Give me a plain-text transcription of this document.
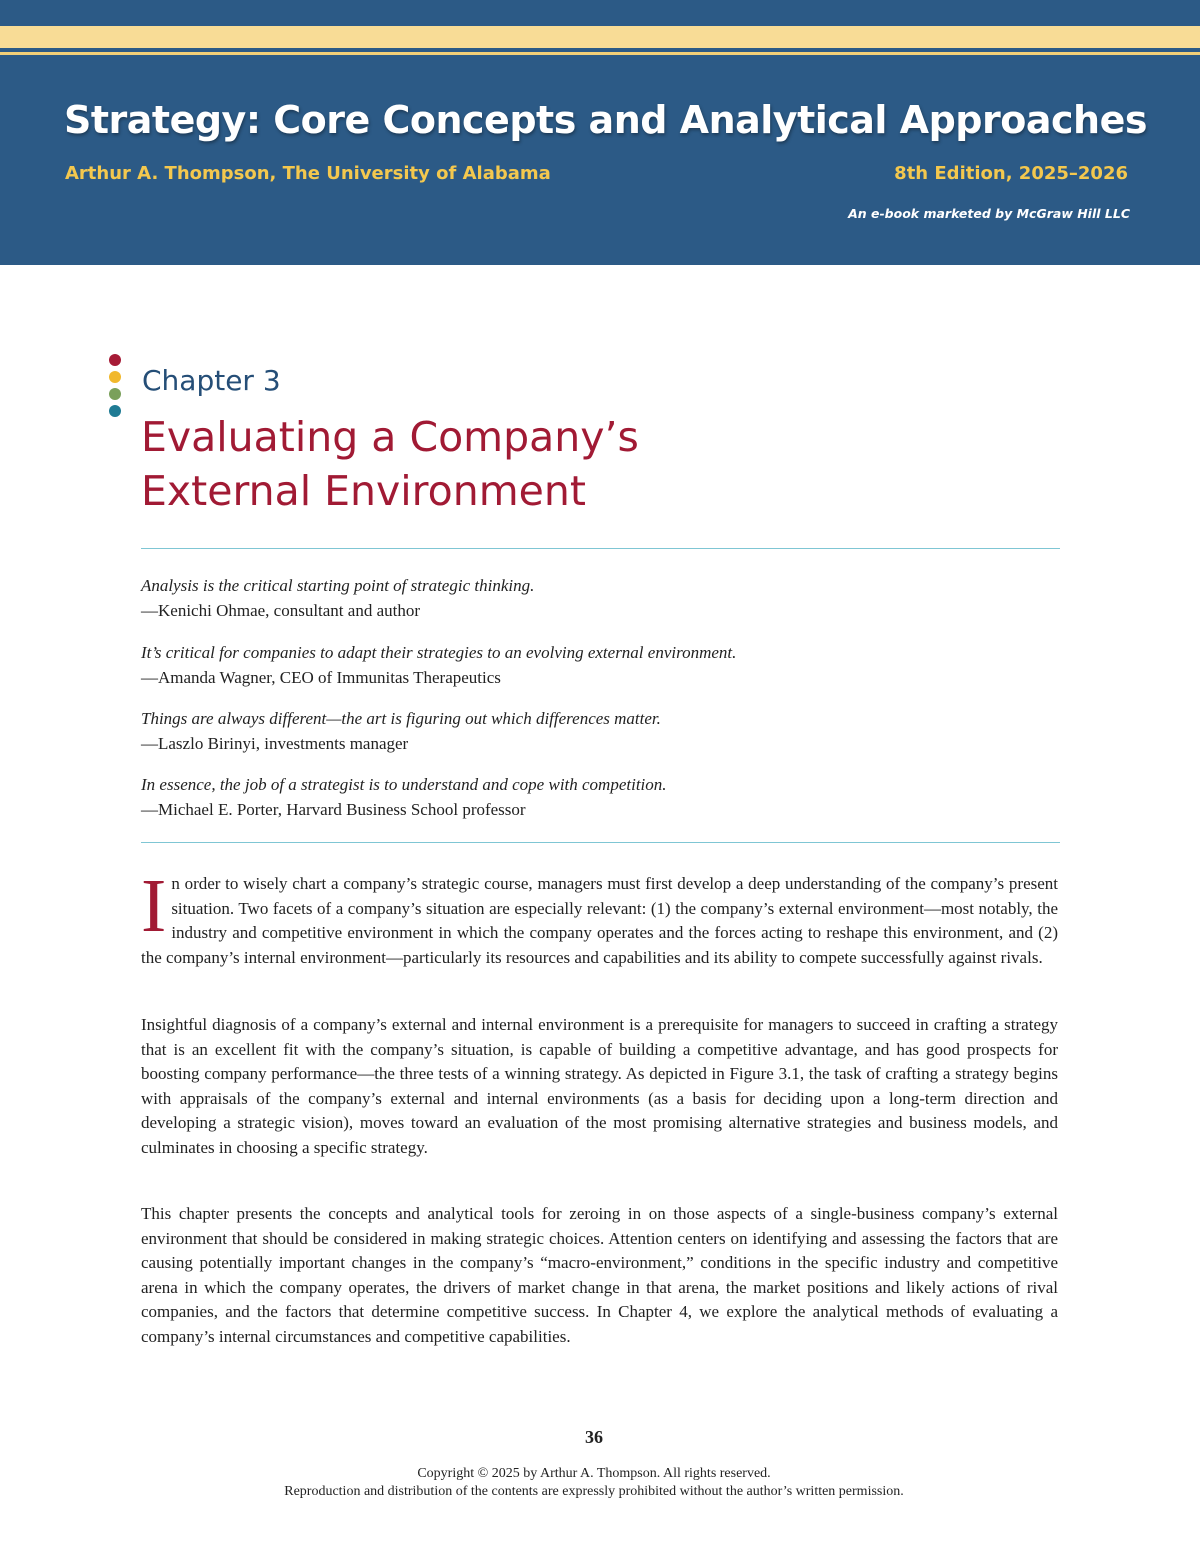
Strategy: Core Concepts and Analytical Approaches
Arthur A. Thompson, The University of Alabama	8th Edition, 2025–2026
An e-book marketed by McGraw Hill LLC
Chapter 3
Evaluating a Company’s
External Environment
Analysis is the critical starting point of strategic thinking.
—Kenichi Ohmae, consultant and author
It’s critical for companies to adapt their strategies to an evolving external environment.
—Amanda Wagner, CEO of Immunitas Therapeutics
Things are always different—the art is figuring out which differences matter.
—Laszlo Birinyi, investments manager
In essence, the job of a strategist is to understand and cope with competition.
—Michael E. Porter, Harvard Business School professor

In order to wisely chart a company’s strategic course, managers must first develop a deep understanding of the company’s present situation. Two facets of a company’s situation are especially relevant: (1) the company’s external environment—most notably, the industry and competitive environment in which the company operates and the forces acting to reshape this environment, and (2) the company’s internal environment—particularly its resources and capabilities and its ability to compete successfully against rivals.

Insightful diagnosis of a company’s external and internal environment is a prerequisite for managers to succeed in crafting a strategy that is an excellent fit with the company’s situation, is capable of building a competitive advantage, and has good prospects for boosting company performance—the three tests of a winning strategy. As depicted in Figure 3.1, the task of crafting a strategy begins with appraisals of the company’s external and internal environments (as a basis for deciding upon a long-term direction and developing a strategic vision), moves toward an evaluation of the most promising alternative strategies and business models, and culminates in choosing a specific strategy.

This chapter presents the concepts and analytical tools for zeroing in on those aspects of a single-business company’s external environment that should be considered in making strategic choices. Attention centers on identifying and assessing the factors that are causing potentially important changes in the company’s “macro-environment,” conditions in the specific industry and competitive arena in which the company operates, the drivers of market change in that arena, the market positions and likely actions of rival companies, and the factors that determine competitive success. In Chapter 4, we explore the analytical methods of evaluating a company’s internal circumstances and competitive capabilities.

36
Copyright © 2025 by Arthur A. Thompson. All rights reserved.
Reproduction and distribution of the contents are expressly prohibited without the author’s written permission.
